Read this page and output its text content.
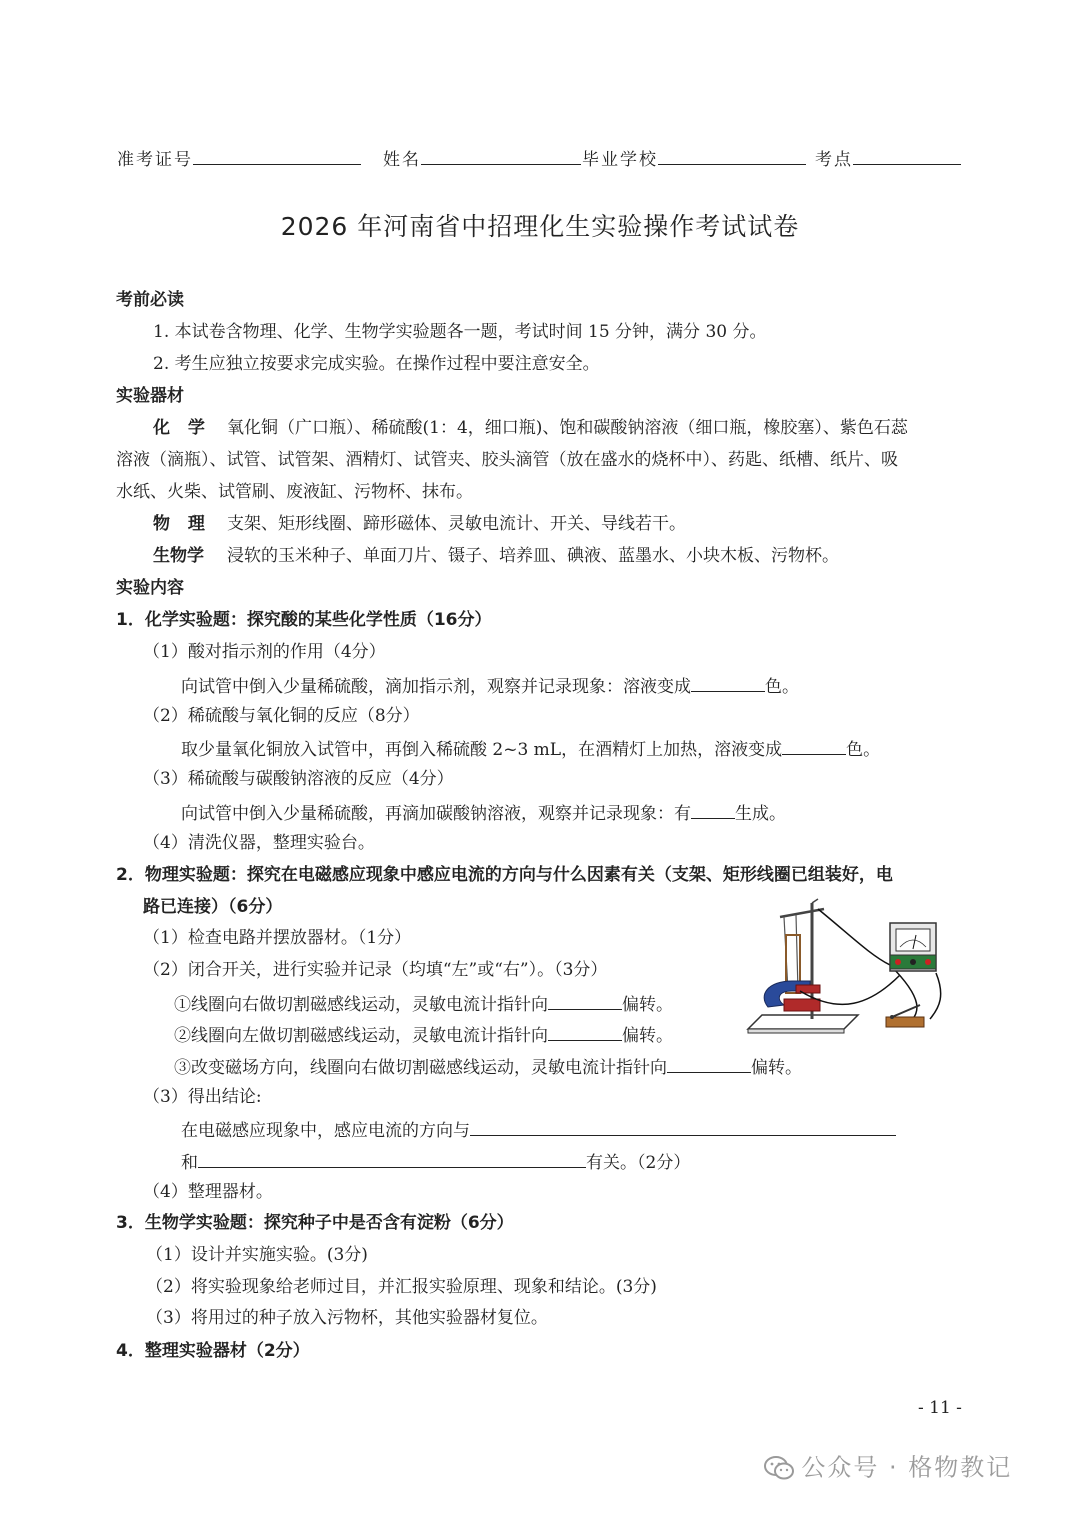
准考证号	姓名	毕业学校	考点
2026 年河南省中招理化生实验操作考试试卷
考前必读
1. 本试卷含物理、化学、生物学实验题各一题，考试时间 15 分钟，满分 30 分。
2. 考生应独立按要求完成实验。在操作过程中要注意安全。
实验器材
化 学 氧化铜（广口瓶）、稀硫酸(1：4，细口瓶)、饱和碳酸钠溶液（细口瓶，橡胶塞）、紫色石蕊
溶液（滴瓶）、试管、试管架、酒精灯、试管夹、胶头滴管（放在盛水的烧杯中）、药匙、纸槽、纸片、吸
水纸、火柴、试管刷、废液缸、污物杯、抹布。
物 理 支架、矩形线圈、蹄形磁体、灵敏电流计、开关、导线若干。
生物学 浸软的玉米种子、单面刀片、镊子、培养皿、碘液、蓝墨水、小块木板、污物杯。
实验内容
1．化学实验题：探究酸的某些化学性质（16分）
（1）酸对指示剂的作用（4分）
向试管中倒入少量稀硫酸，滴加指示剂，观察并记录现象：溶液变成	色。
（2）稀硫酸与氧化铜的反应（8分）
取少量氧化铜放入试管中，再倒入稀硫酸 2~3 mL，在酒精灯上加热，溶液变成	色。
（3）稀硫酸与碳酸钠溶液的反应（4分）
向试管中倒入少量稀硫酸，再滴加碳酸钠溶液，观察并记录现象：有	生成。
（4）清洗仪器，整理实验台。
2．物理实验题：探究在电磁感应现象中感应电流的方向与什么因素有关（支架、矩形线圈已组装好，电
路已连接）（6分）
（1）检查电路并摆放器材。（1分）
（2）闭合开关，进行实验并记录（均填“左”或“右”）。（3分）
①线圈向右做切割磁感线运动，灵敏电流计指针向	偏转。
②线圈向左做切割磁感线运动，灵敏电流计指针向	偏转。
③改变磁场方向，线圈向右做切割磁感线运动，灵敏电流计指针向	偏转。
（3）得出结论:
在电磁感应现象中，感应电流的方向与
和	有关。（2分）
（4）整理器材。
3．生物学实验题：探究种子中是否含有淀粉（6分）
（1）设计并实施实验。(3分)
（2）将实验现象给老师过目，并汇报实验原理、现象和结论。(3分)
（3）将用过的种子放入污物杯，其他实验器材复位。
4．整理实验器材（2分）
- 11 -
公众号 · 格物教记
